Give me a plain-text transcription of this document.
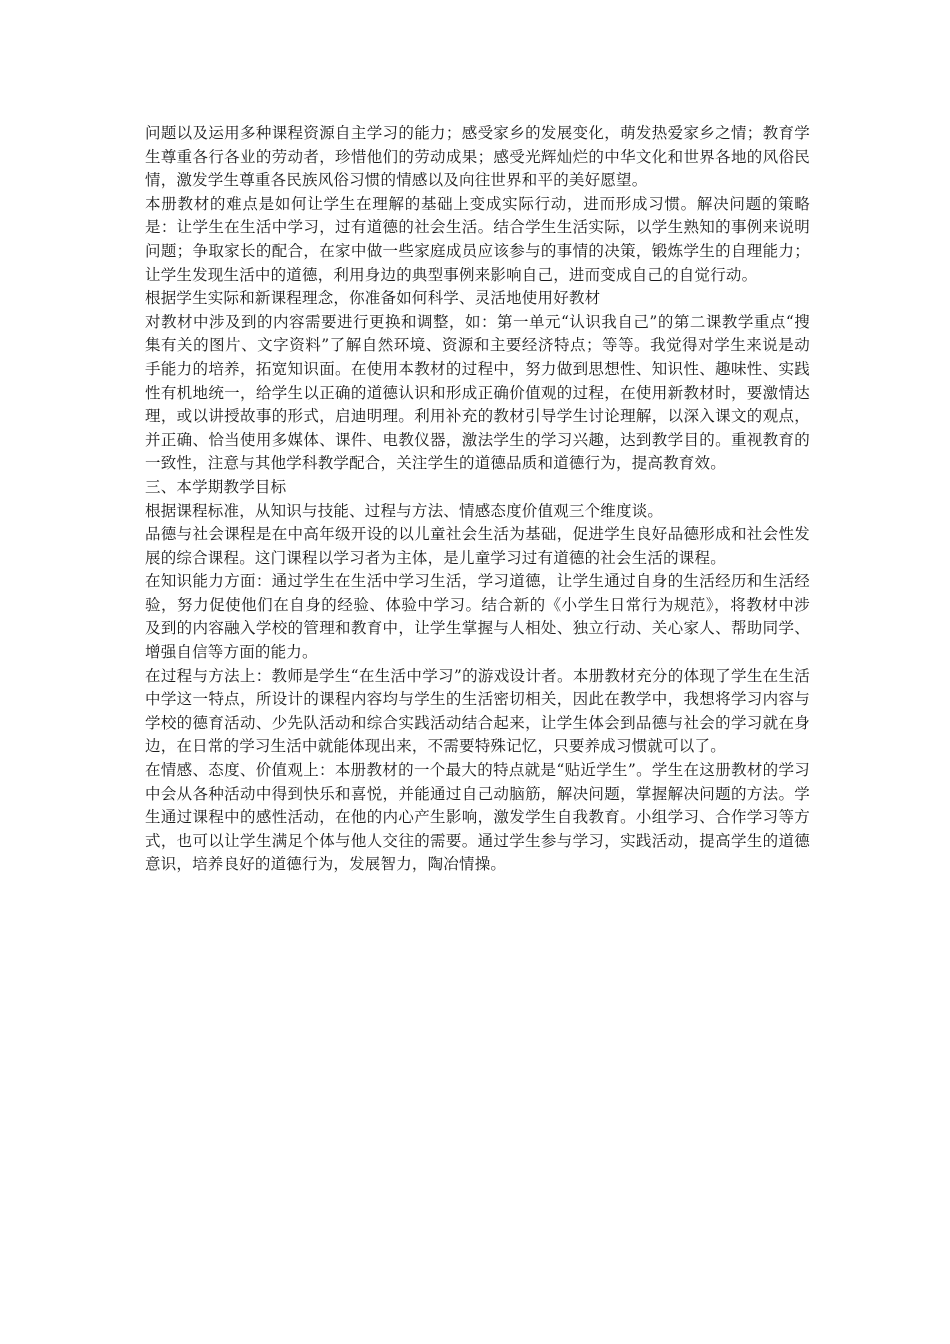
问题以及运用多种课程资源自主学习的能力；感受家乡的发展变化，萌发热爱家乡之情；教育学生尊重各行各业的劳动者，珍惜他们的劳动成果；感受光辉灿烂的中华文化和世界各地的风俗民情，激发学生尊重各民族风俗习惯的情感以及向往世界和平的美好愿望。

本册教材的难点是如何让学生在理解的基础上变成实际行动，进而形成习惯。解决问题的策略是：让学生在生活中学习，过有道德的社会生活。结合学生生活实际，以学生熟知的事例来说明问题；争取家长的配合，在家中做一些家庭成员应该参与的事情的决策，锻炼学生的自理能力；让学生发现生活中的道德，利用身边的典型事例来影响自己，进而变成自己的自觉行动。

根据学生实际和新课程理念，你准备如何科学、灵活地使用好教材

对教材中涉及到的内容需要进行更换和调整，如：第一单元“认识我自己”的第二课教学重点“搜集有关的图片、文字资料”了解自然环境、资源和主要经济特点；等等。我觉得对学生来说是动手能力的培养，拓宽知识面。在使用本教材的过程中，努力做到思想性、知识性、趣味性、实践性有机地统一，给学生以正确的道德认识和形成正确价值观的过程，在使用新教材时，要激情达理，或以讲授故事的形式，启迪明理。利用补充的教材引导学生讨论理解，以深入课文的观点，并正确、恰当使用多媒体、课件、电教仪器，激法学生的学习兴趣，达到教学目的。重视教育的一致性，注意与其他学科教学配合，关注学生的道德品质和道德行为，提高教育效。

三、本学期教学目标

根据课程标准，从知识与技能、过程与方法、情感态度价值观三个维度谈。

品德与社会课程是在中高年级开设的以儿童社会生活为基础，促进学生良好品德形成和社会性发展的综合课程。这门课程以学习者为主体，是儿童学习过有道德的社会生活的课程。

在知识能力方面：通过学生在生活中学习生活，学习道德，让学生通过自身的生活经历和生活经验，努力促使他们在自身的经验、体验中学习。结合新的《小学生日常行为规范》，将教材中涉及到的内容融入学校的管理和教育中，让学生掌握与人相处、独立行动、关心家人、帮助同学、增强自信等方面的能力。

在过程与方法上：教师是学生“在生活中学习”的游戏设计者。本册教材充分的体现了学生在生活中学这一特点，所设计的课程内容均与学生的生活密切相关，因此在教学中，我想将学习内容与学校的德育活动、少先队活动和综合实践活动结合起来，让学生体会到品德与社会的学习就在身边，在日常的学习生活中就能体现出来，不需要特殊记忆，只要养成习惯就可以了。

在情感、态度、价值观上：本册教材的一个最大的特点就是“贴近学生”。学生在这册教材的学习中会从各种活动中得到快乐和喜悦，并能通过自己动脑筋，解决问题，掌握解决问题的方法。学生通过课程中的感性活动，在他的内心产生影响，激发学生自我教育。小组学习、合作学习等方式，也可以让学生满足个体与他人交往的需要。通过学生参与学习，实践活动，提高学生的道德意识，培养良好的道德行为，发展智力，陶冶情操。
